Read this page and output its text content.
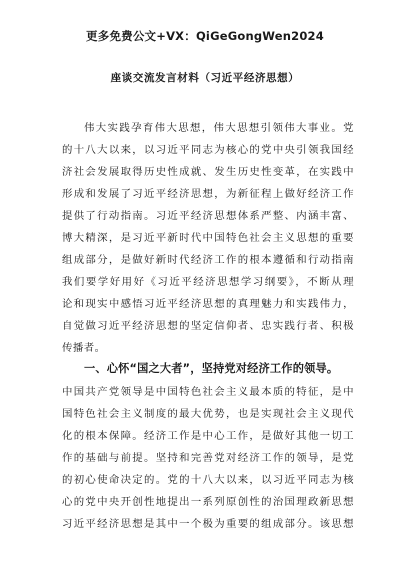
更多免费公文+VX：QiGeGongWen2024
座谈交流发言材料（习近平经济思想）
伟大实践孕育伟大思想，伟大思想引领伟大事业。党
的十八大以来，以习近平同志为核心的党中央引领我国经
济社会发展取得历史性成就、发生历史性变革，在实践中
形成和发展了习近平经济思想，为新征程上做好经济工作
提供了行动指南。习近平经济思想体系严整、内涵丰富、
博大精深，是习近平新时代中国特色社会主义思想的重要
组成部分，是做好新时代经济工作的根本遵循和行动指南
我们要学好用好《习近平经济思想学习纲要》，不断从理
论和现实中感悟习近平经济思想的真理魅力和实践伟力，
自觉做习近平经济思想的坚定信仰者、忠实践行者、积极
传播者。
一、心怀“国之大者”，坚持党对经济工作的领导。
中国共产党领导是中国特色社会主义最本质的特征，是中
国特色社会主义制度的最大优势，也是实现社会主义现代
化的根本保障。经济工作是中心工作，是做好其他一切工
作的基础与前提。坚持和完善党对经济工作的领导，是党
的初心使命决定的。党的十八大以来，以习近平同志为核
心的党中央开创性地提出一系列原创性的治国理政新思想
习近平经济思想是其中一个极为重要的组成部分。该思想
